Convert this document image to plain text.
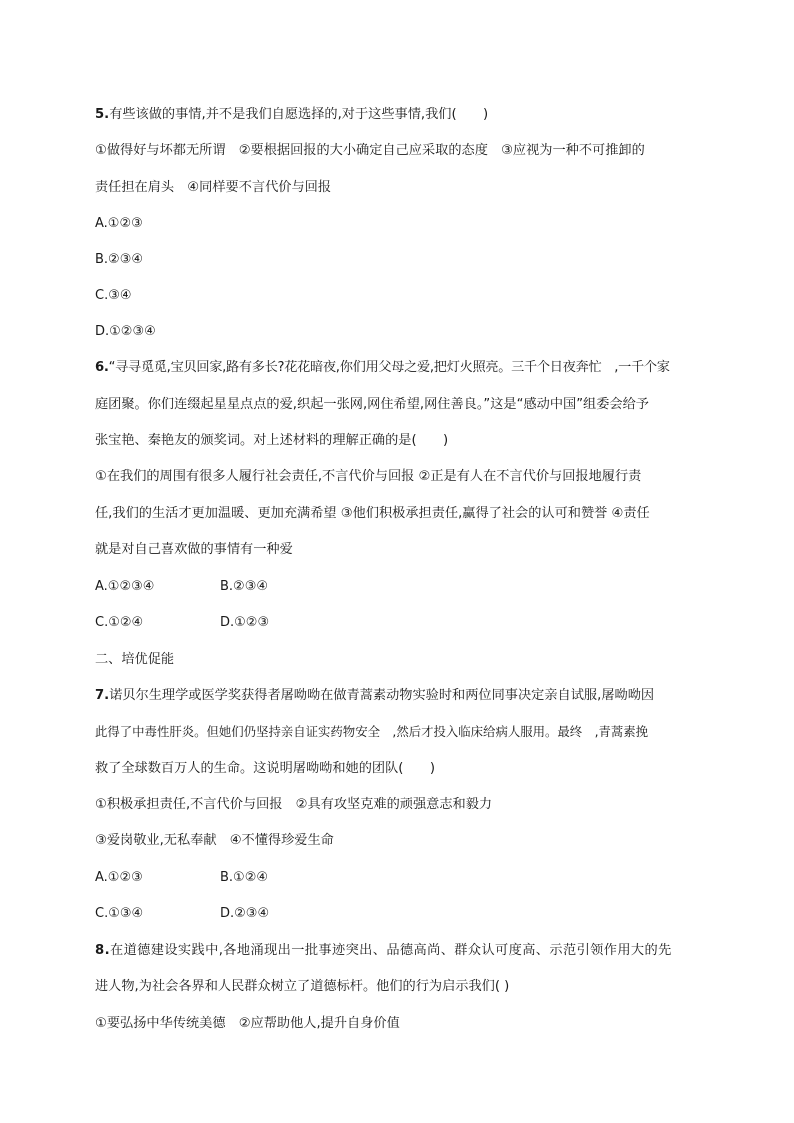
5.有些该做的事情,并不是我们自愿选择的,对于这些事情,我们(　　)
①做得好与坏都无所谓　②要根据回报的大小确定自己应采取的态度　③应视为一种不可推卸的
责任担在肩头　④同样要不言代价与回报
A.①②③
B.②③④
C.③④
D.①②③④
6.“寻寻觅觅,宝贝回家,路有多长?花花暗夜,你们用父母之爱,把灯火照亮。三千个日夜奔忙　,一千个家
庭团聚。你们连缀起星星点点的爱,织起一张网,网住希望,网住善良。”这是“感动中国”组委会给予
张宝艳、秦艳友的颁奖词。对上述材料的理解正确的是(　　)
①在我们的周围有很多人履行社会责任,不言代价与回报 ②正是有人在不言代价与回报地履行责
任,我们的生活才更加温暖、更加充满希望 ③他们积极承担责任,赢得了社会的认可和赞誉 ④责任
就是对自己喜欢做的事情有一种爱
A.①②③④	B.②③④
C.①②④	D.①②③
二、培优促能
7.诺贝尔生理学或医学奖获得者屠呦呦在做青蒿素动物实验时和两位同事决定亲自试服,屠呦呦因
此得了中毒性肝炎。但她们仍坚持亲自证实药物安全　,然后才投入临床给病人服用。最终　,青蒿素挽
救了全球数百万人的生命。这说明屠呦呦和她的团队(　　)
①积极承担责任,不言代价与回报　②具有攻坚克难的顽强意志和毅力
③爱岗敬业,无私奉献　④不懂得珍爱生命
A.①②③	B.①②④
C.①③④	D.②③④
8.在道德建设实践中,各地涌现出一批事迹突出、品德高尚、群众认可度高、示范引领作用大的先
进人物,为社会各界和人民群众树立了道德标杆。他们的行为启示我们( )
①要弘扬中华传统美德　②应帮助他人,提升自身价值
